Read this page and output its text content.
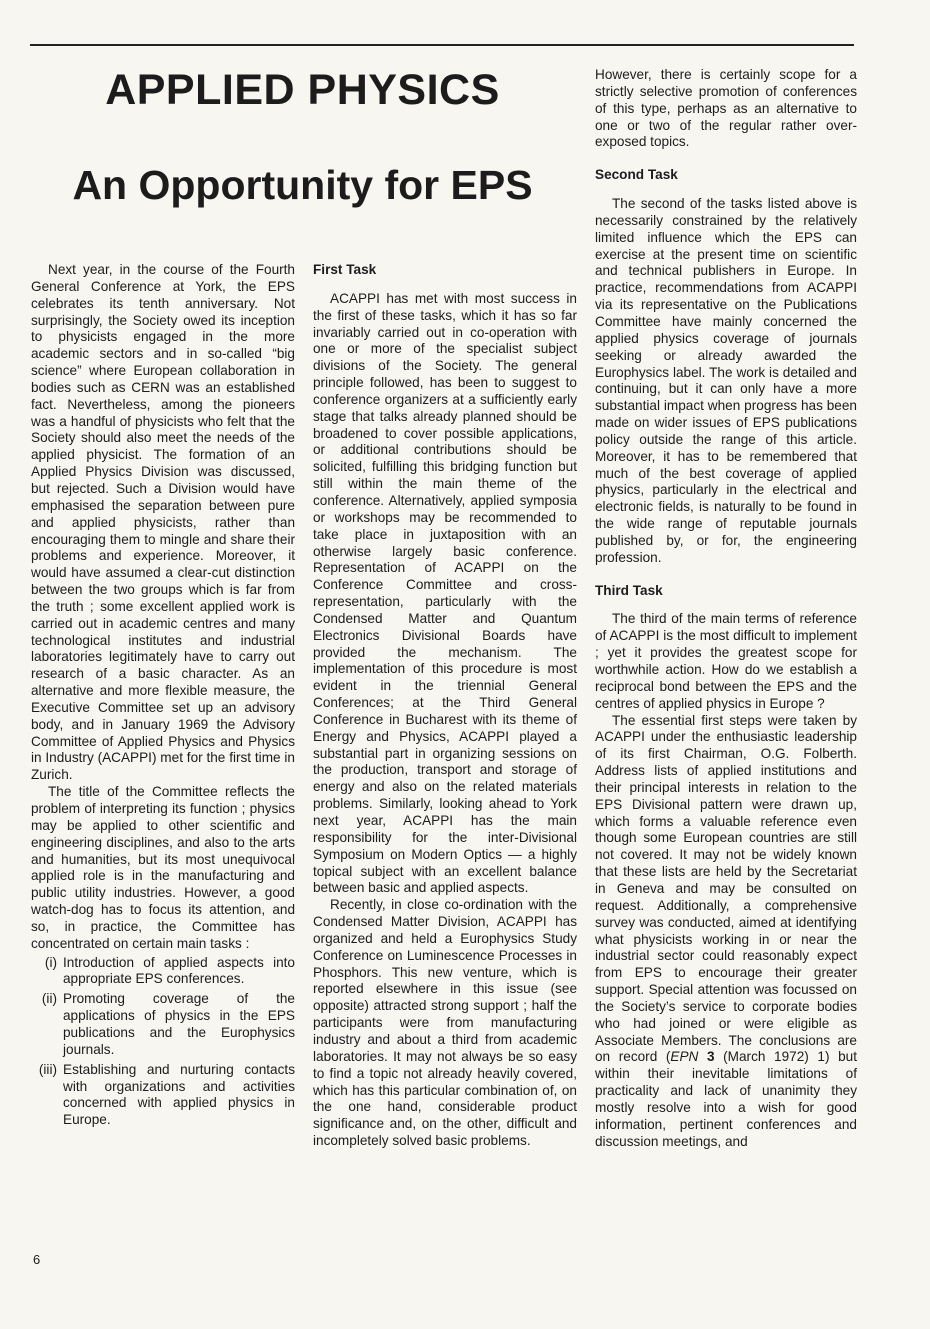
APPLIED PHYSICS
An Opportunity for EPS

Next year, in the course of the Fourth General Conference at York, the EPS celebrates its tenth anniversary. Not surprisingly, the Society owed its inception to physicists engaged in the more academic sectors and in so-called “big science” where European collaboration in bodies such as CERN was an established fact. Nevertheless, among the pioneers was a handful of physicists who felt that the Society should also meet the needs of the applied physicist. The formation of an Applied Physics Division was discussed, but rejected. Such a Division would have emphasised the separation between pure and applied physicists, rather than encouraging them to mingle and share their problems and experience. Moreover, it would have assumed a clear-cut distinction between the two groups which is far from the truth ; some excellent applied work is carried out in academic centres and many technological institutes and industrial laboratories legitimately have to carry out research of a basic character. As an alternative and more flexible measure, the Executive Committee set up an advisory body, and in January 1969 the Advisory Committee of Applied Physics and Physics in Industry (ACAPPI) met for the first time in Zurich.

The title of the Committee reflects the problem of interpreting its function ; physics may be applied to other scientific and engineering disciplines, and also to the arts and humanities, but its most unequivocal applied role is in the manufacturing and public utility industries. However, a good watch-dog has to focus its attention, and so, in practice, the Committee has concentrated on certain main tasks :

(i) Introduction of applied aspects into appropriate EPS conferences.
(ii) Promoting coverage of the applications of physics in the EPS publications and the Europhysics journals.
(iii) Establishing and nurturing contacts with organizations and activities concerned with applied physics in Europe.
First Task

ACAPPI has met with most success in the first of these tasks, which it has so far invariably carried out in co-operation with one or more of the specialist subject divisions of the Society. The general principle followed, has been to suggest to conference organizers at a sufficiently early stage that talks already planned should be broadened to cover possible applications, or additional contributions should be solicited, fulfilling this bridging function but still within the main theme of the conference. Alternatively, applied symposia or workshops may be recommended to take place in juxtaposition with an otherwise largely basic conference. Representation of ACAPPI on the Conference Committee and cross-representation, particularly with the Condensed Matter and Quantum Electronics Divisional Boards have provided the mechanism. The implementation of this procedure is most evident in the triennial General Conferences; at the Third General Conference in Bucharest with its theme of Energy and Physics, ACAPPI played a substantial part in organizing sessions on the production, transport and storage of energy and also on the related materials problems. Similarly, looking ahead to York next year, ACAPPI has the main responsibility for the inter-Divisional Symposium on Modern Optics — a highly topical subject with an excellent balance between basic and applied aspects.

Recently, in close co-ordination with the Condensed Matter Division, ACAPPI has organized and held a Europhysics Study Conference on Luminescence Processes in Phosphors. This new venture, which is reported elsewhere in this issue (see opposite) attracted strong support ; half the participants were from manufacturing industry and about a third from academic laboratories. It may not always be so easy to find a topic not already heavily covered, which has this particular combination of, on the one hand, considerable product significance and, on the other, difficult and incompletely solved basic problems.

However, there is certainly scope for a strictly selective promotion of conferences of this type, perhaps as an alternative to one or two of the regular rather over-exposed topics.

Second Task

The second of the tasks listed above is necessarily constrained by the relatively limited influence which the EPS can exercise at the present time on scientific and technical publishers in Europe. In practice, recommendations from ACAPPI via its representative on the Publications Committee have mainly concerned the applied physics coverage of journals seeking or already awarded the Europhysics label. The work is detailed and continuing, but it can only have a more substantial impact when progress has been made on wider issues of EPS publications policy outside the range of this article. Moreover, it has to be remembered that much of the best coverage of applied physics, particularly in the electrical and electronic fields, is naturally to be found in the wide range of reputable journals published by, or for, the engineering profession.

Third Task

The third of the main terms of reference of ACAPPI is the most difficult to implement ; yet it provides the greatest scope for worthwhile action. How do we establish a reciprocal bond between the EPS and the centres of applied physics in Europe ?

The essential first steps were taken by ACAPPI under the enthusiastic leadership of its first Chairman, O.G. Folberth. Address lists of applied institutions and their principal interests in relation to the EPS Divisional pattern were drawn up, which forms a valuable reference even though some European countries are still not covered. It may not be widely known that these lists are held by the Secretariat in Geneva and may be consulted on request. Additionally, a comprehensive survey was conducted, aimed at identifying what physicists working in or near the industrial sector could reasonably expect from EPS to encourage their greater support. Special attention was focussed on the Society’s service to corporate bodies who had joined or were eligible as Associate Members. The conclusions are on record (EPN 3 (March 1972) 1) but within their inevitable limitations of practicality and lack of unanimity they mostly resolve into a wish for good information, pertinent conferences and discussion meetings, and

6
